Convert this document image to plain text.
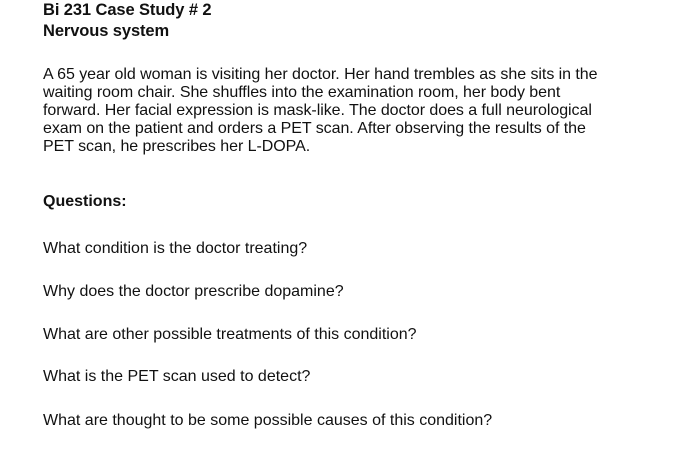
Bi 231 Case Study # 2
Nervous system

A 65 year old woman is visiting her doctor. Her hand trembles as she sits in the
waiting room chair. She shuffles into the examination room, her body bent
forward. Her facial expression is mask-like. The doctor does a full neurological
exam on the patient and orders a PET scan. After observing the results of the
PET scan, he prescribes her L-DOPA.

Questions:
What condition is the doctor treating?
Why does the doctor prescribe dopamine?
What are other possible treatments of this condition?
What is the PET scan used to detect?
What are thought to be some possible causes of this condition?
